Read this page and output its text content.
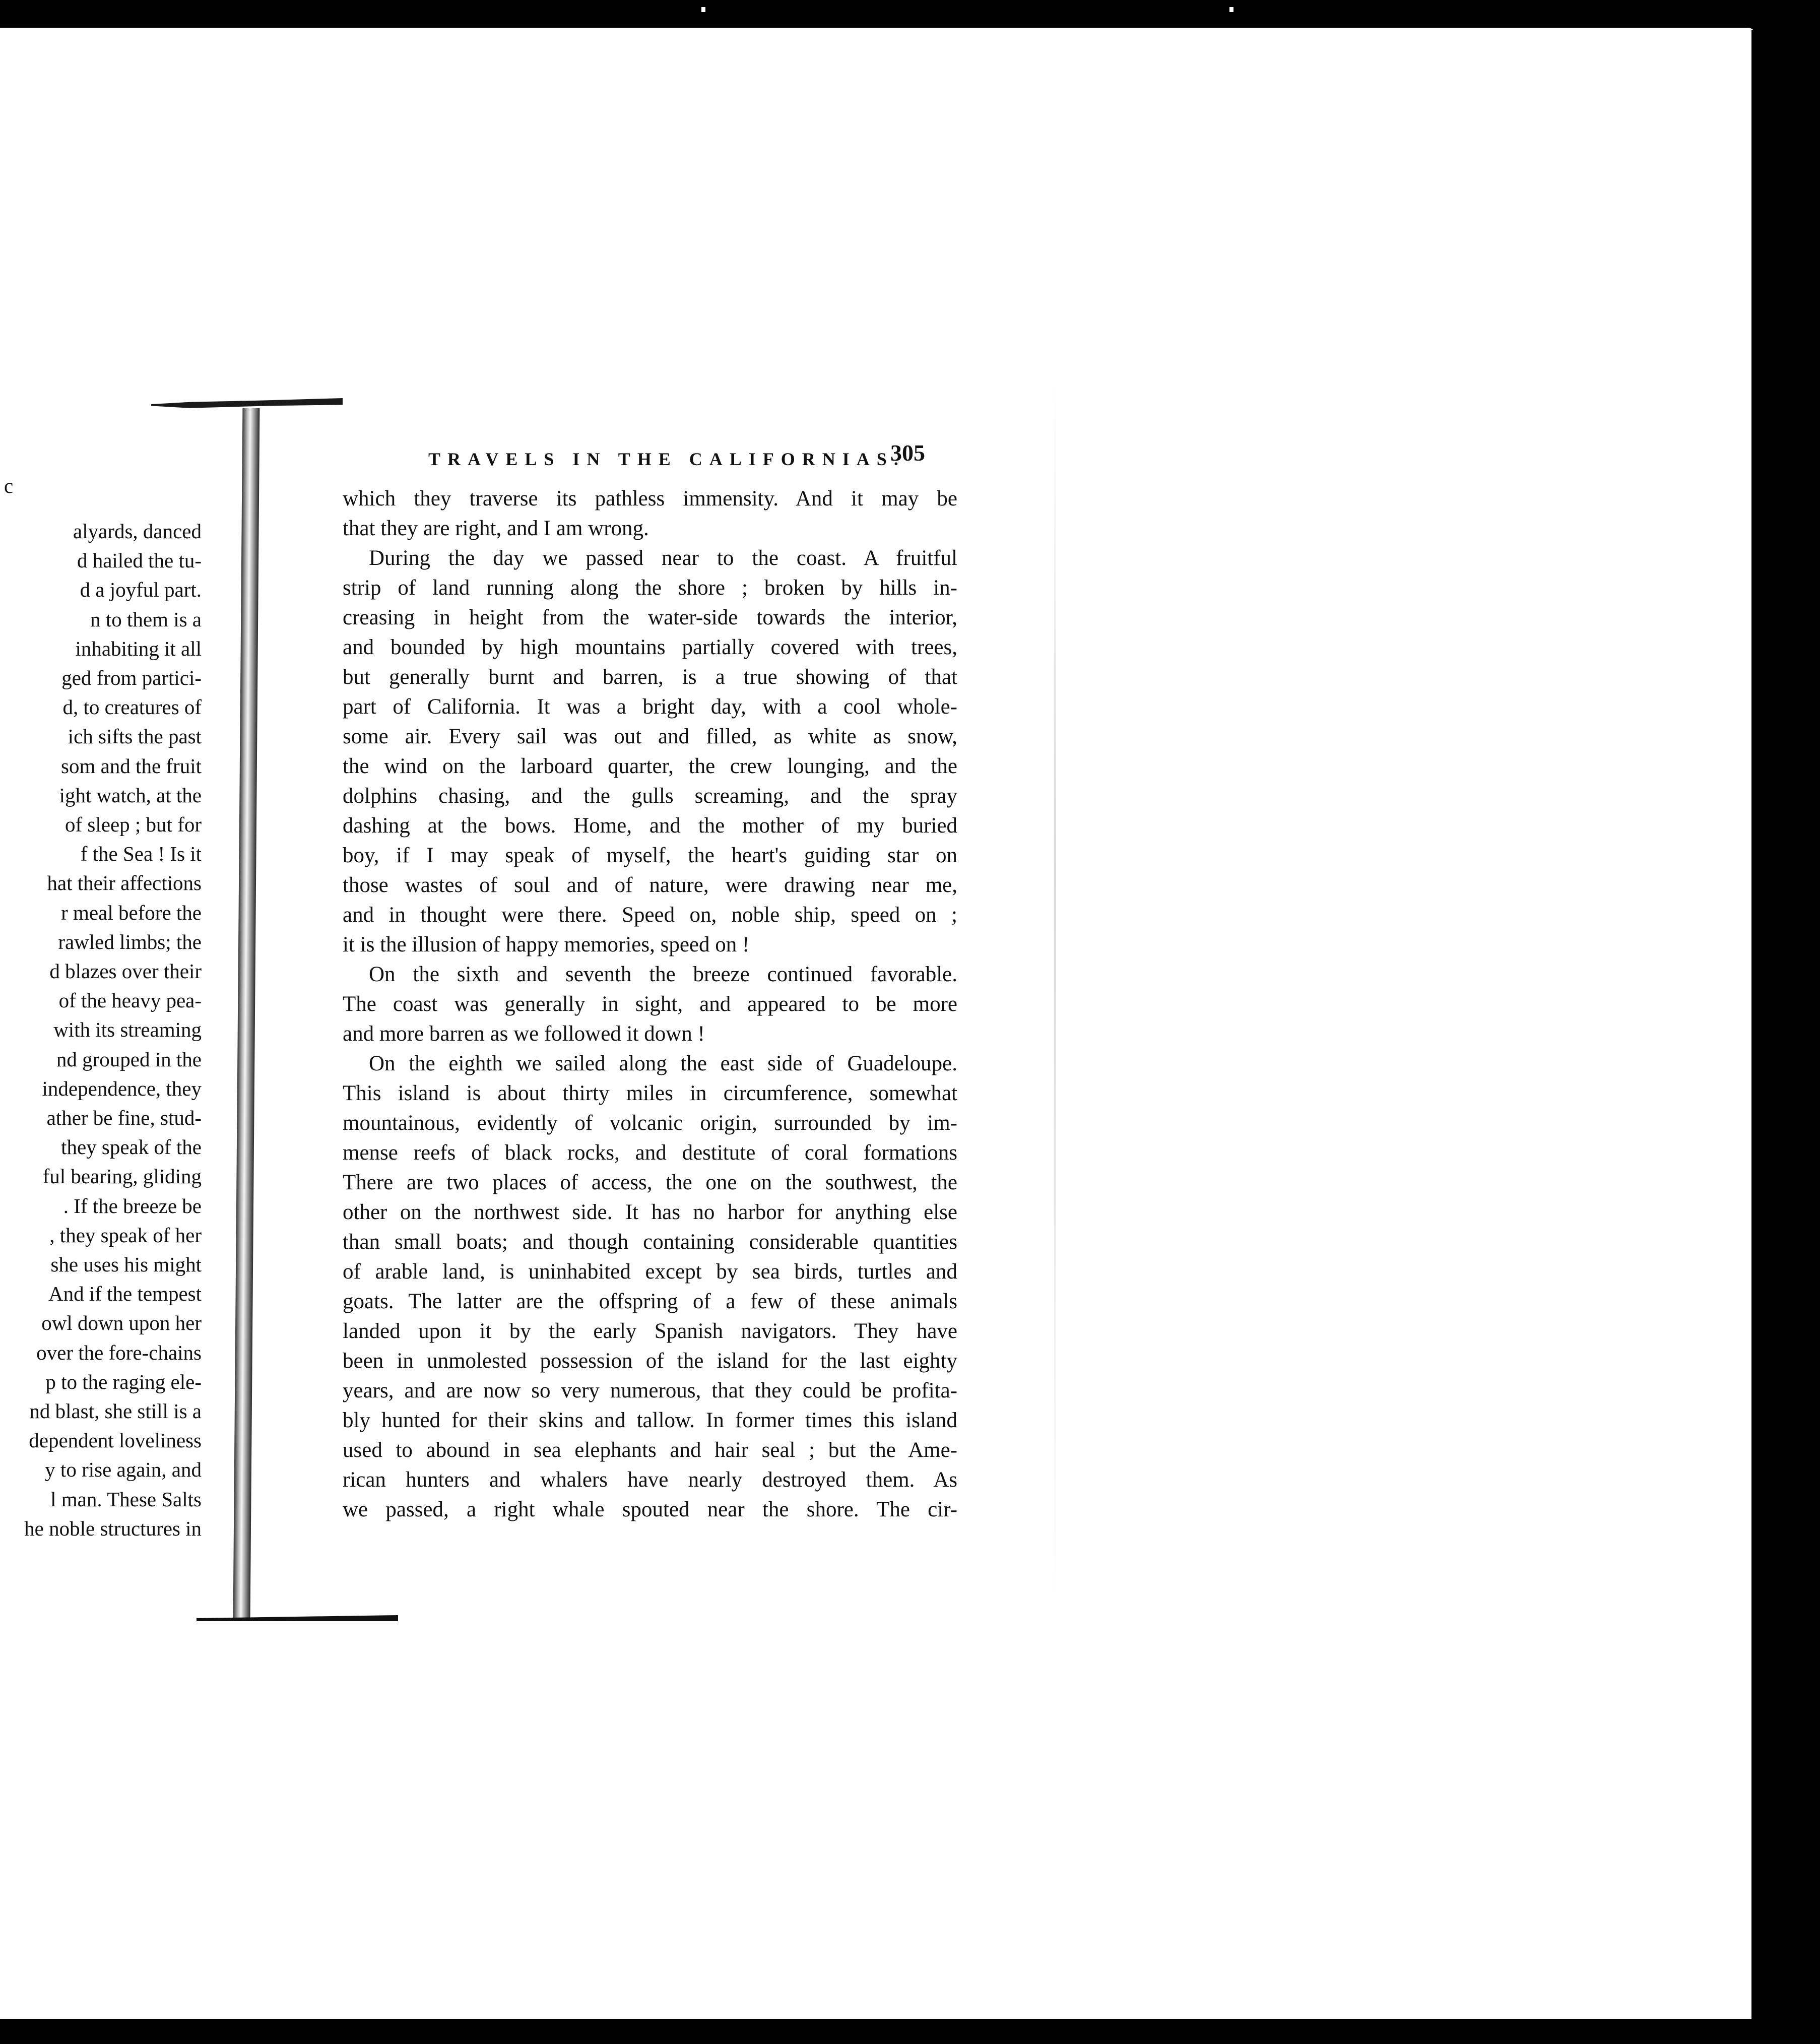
c
alyards, danced
d hailed the tu-
d a joyful part.
n to them is a
inhabiting it all
ged from partici-
d, to creatures of
ich sifts the past
som and the fruit
ight watch, at the
of sleep ; but for
f the Sea ! Is it
hat their affections
r meal before the
rawled limbs; the
d blazes over their
of the heavy pea-
with its streaming
nd grouped in the
independence, they
ather be fine, stud-
they speak of the
ful bearing, gliding
. If the breeze be
, they speak of her
she uses his might
And if the tempest
owl down upon her
over the fore-chains
p to the raging ele-
nd blast, she still is a
dependent loveliness
y to rise again, and
l man. These Salts
he noble structures in
TRAVELS IN THE CALIFORNIAS.
305
which they traverse its pathless immensity. And it may be
that they are right, and I am wrong.
During the day we passed near to the coast. A fruitful
strip of land running along the shore ; broken by hills in-
creasing in height from the water-side towards the interior,
and bounded by high mountains partially covered with trees,
but generally burnt and barren, is a true showing of that
part of California. It was a bright day, with a cool whole-
some air. Every sail was out and filled, as white as snow,
the wind on the larboard quarter, the crew lounging, and the
dolphins chasing, and the gulls screaming, and the spray
dashing at the bows. Home, and the mother of my buried
boy, if I may speak of myself, the heart's guiding star on
those wastes of soul and of nature, were drawing near me,
and in thought were there. Speed on, noble ship, speed on ;
it is the illusion of happy memories, speed on !
On the sixth and seventh the breeze continued favorable.
The coast was generally in sight, and appeared to be more
and more barren as we followed it down !
On the eighth we sailed along the east side of Guadeloupe.
This island is about thirty miles in circumference, somewhat
mountainous, evidently of volcanic origin, surrounded by im-
mense reefs of black rocks, and destitute of coral formations
There are two places of access, the one on the southwest, the
other on the northwest side. It has no harbor for anything else
than small boats; and though containing considerable quantities
of arable land, is uninhabited except by sea birds, turtles and
goats. The latter are the offspring of a few of these animals
landed upon it by the early Spanish navigators. They have
been in unmolested possession of the island for the last eighty
years, and are now so very numerous, that they could be profita-
bly hunted for their skins and tallow. In former times this island
used to abound in sea elephants and hair seal ; but the Ame-
rican hunters and whalers have nearly destroyed them. As
we passed, a right whale spouted near the shore. The cir-
